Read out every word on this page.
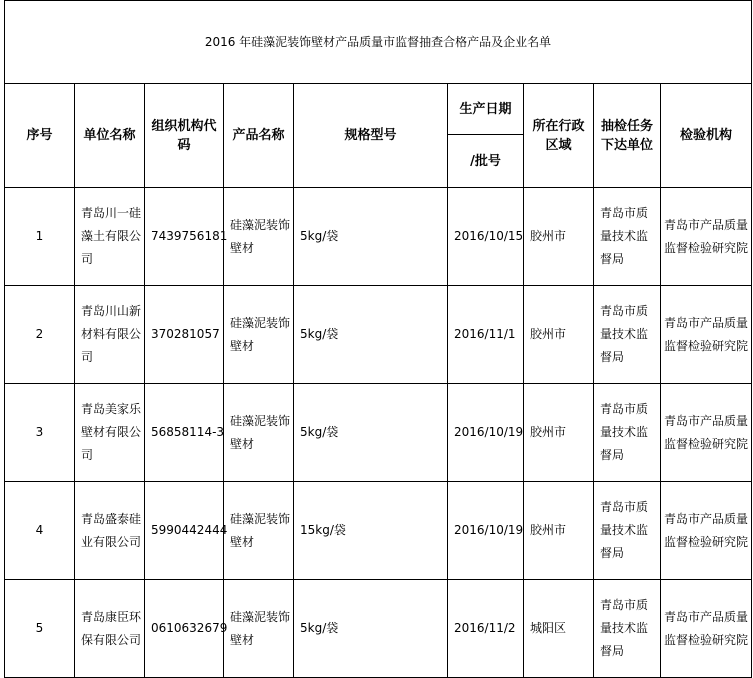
2016 年硅藻泥装饰壁材产品质量市监督抽查合格产品及企业名单								
序号	单位名称	组织机构代码	产品名称	规格型号	生产日期	所在行政区域	抽检任务下达单位	检验机构
					/批号			
1	青岛川一硅藻土有限公司	7439756181	硅藻泥装饰壁材	5kg/袋	2016/10/15	胶州市	青岛市质量技术监督局	青岛市产品质量监督检验研究院
2	青岛川山新材料有限公司	370281057	硅藻泥装饰壁材	5kg/袋	2016/11/1	胶州市	青岛市质量技术监督局	青岛市产品质量监督检验研究院
3	青岛美家乐壁材有限公司	56858114-3	硅藻泥装饰壁材	5kg/袋	2016/10/19	胶州市	青岛市质量技术监督局	青岛市产品质量监督检验研究院
4	青岛盛泰硅业有限公司	5990442444	硅藻泥装饰壁材	15kg/袋	2016/10/19	胶州市	青岛市质量技术监督局	青岛市产品质量监督检验研究院
5	青岛康臣环保有限公司	0610632679	硅藻泥装饰壁材	5kg/袋	2016/11/2	城阳区	青岛市质量技术监督局	青岛市产品质量监督检验研究院
